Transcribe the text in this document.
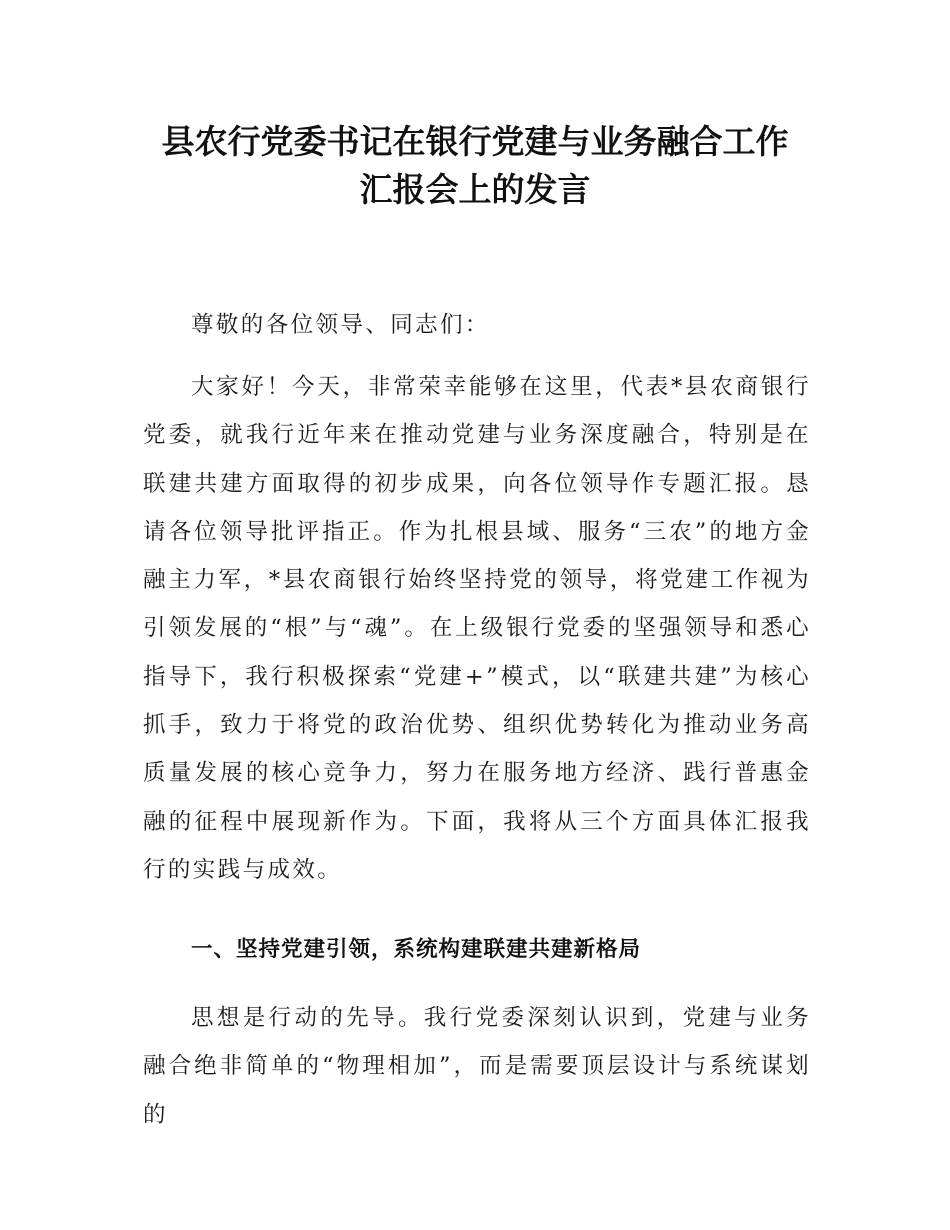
县农行党委书记在银行党建与业务融合工作
汇报会上的发言

尊敬的各位领导、同志们：

大家好！今天，非常荣幸能够在这里，代表*县农商银行党委，就我行近年来在推动党建与业务深度融合，特别是在联建共建方面取得的初步成果，向各位领导作专题汇报。恳请各位领导批评指正。作为扎根县域、服务“三农”的地方金融主力军，*县农商银行始终坚持党的领导，将党建工作视为引领发展的“根”与“魂”。在上级银行党委的坚强领导和悉心指导下，我行积极探索“党建+”模式，以“联建共建”为核心抓手，致力于将党的政治优势、组织优势转化为推动业务高质量发展的核心竞争力，努力在服务地方经济、践行普惠金融的征程中展现新作为。下面，我将从三个方面具体汇报我行的实践与成效。

一、坚持党建引领，系统构建联建共建新格局

思想是行动的先导。我行党委深刻认识到，党建与业务融合绝非简单的“物理相加”，而是需要顶层设计与系统谋划的
